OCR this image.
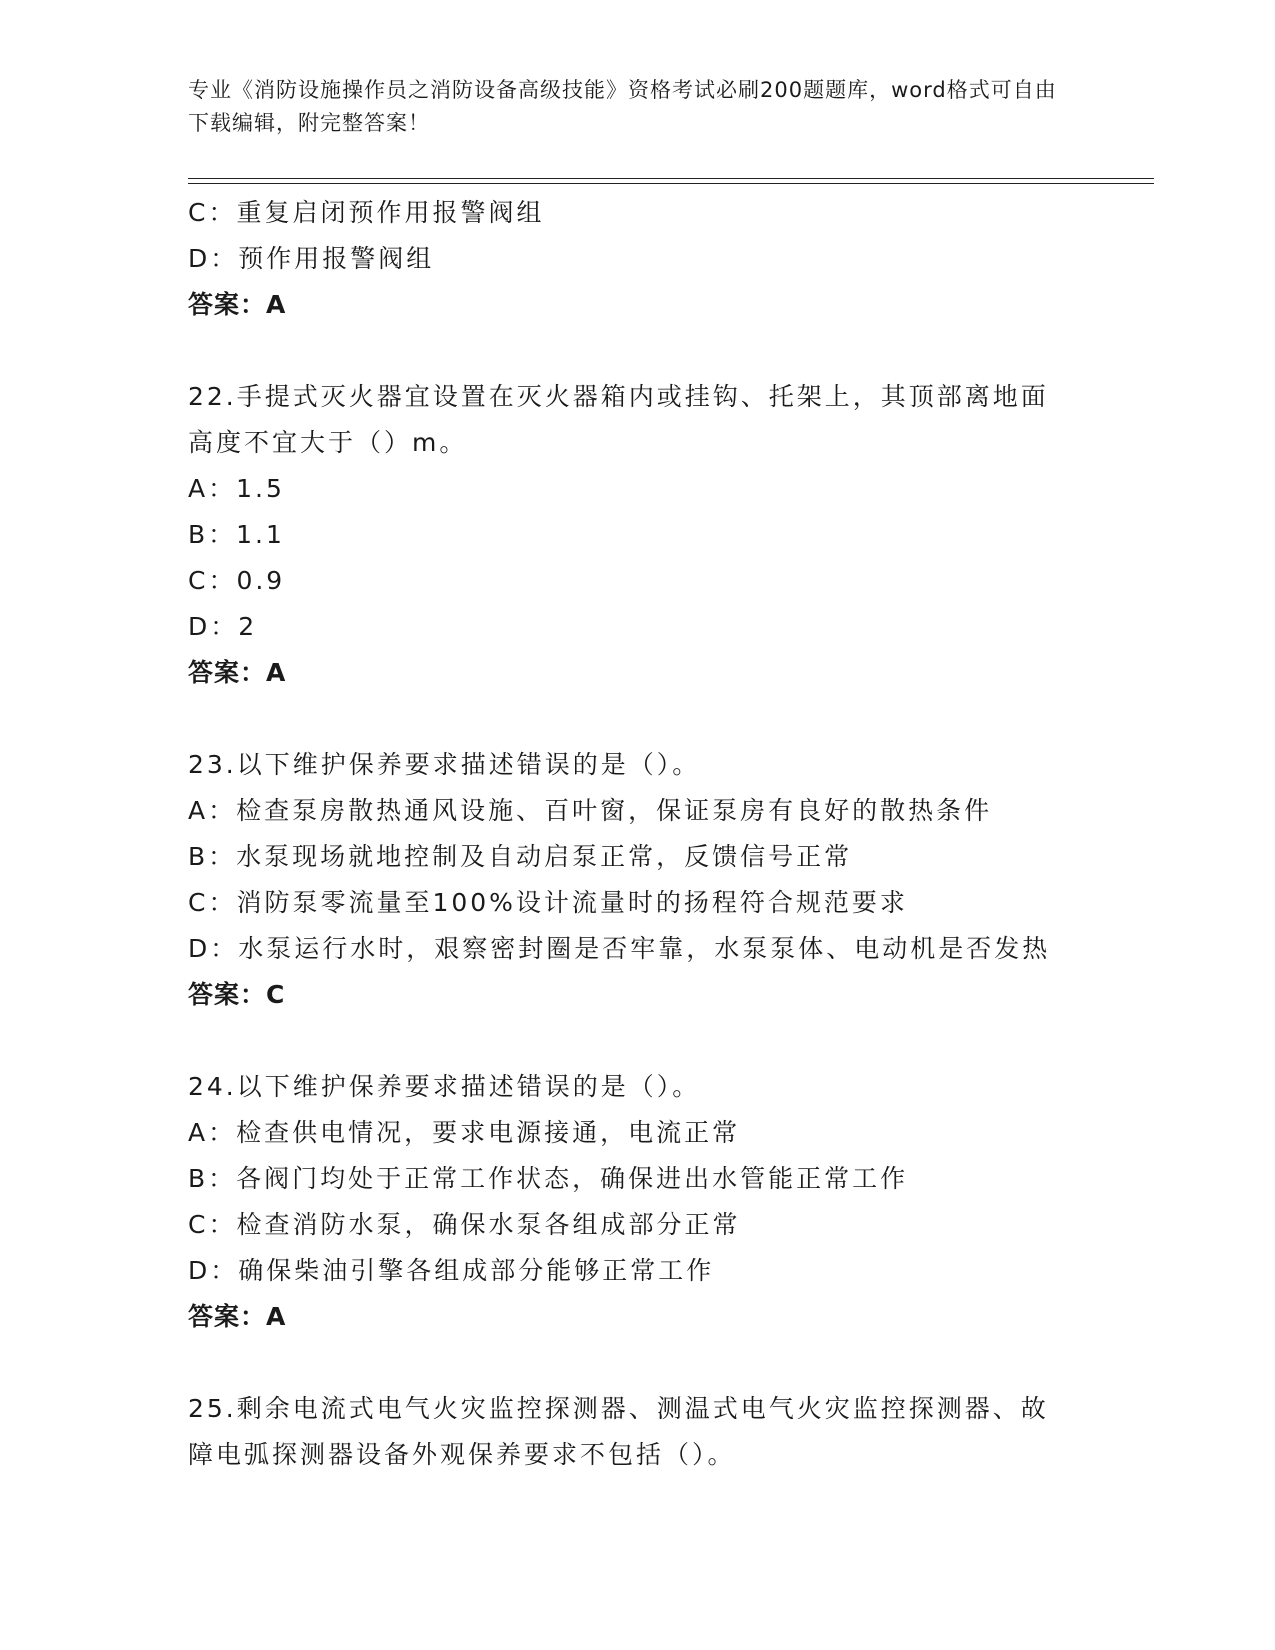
专业《消防设施操作员之消防设备高级技能》资格考试必刷200题题库，word格式可自由下载编辑，附完整答案！
C：重复启闭预作用报警阀组
D：预作用报警阀组
答案：A
22.手提式灭火器宜设置在灭火器箱内或挂钩、托架上，其顶部离地面高度不宜大于（）m。
A：1.5
B：1.1
C：0.9
D：2
答案：A
23.以下维护保养要求描述错误的是（）。
A：检查泵房散热通风设施、百叶窗，保证泵房有良好的散热条件
B：水泵现场就地控制及自动启泵正常，反馈信号正常
C：消防泵零流量至100%设计流量时的扬程符合规范要求
D：水泵运行水时，艰察密封圈是否牢靠，水泵泵体、电动机是否发热
答案：C
24.以下维护保养要求描述错误的是（）。
A：检查供电情况，要求电源接通，电流正常
B：各阀门均处于正常工作状态，确保进出水管能正常工作
C：检查消防水泵，确保水泵各组成部分正常
D：确保柴油引擎各组成部分能够正常工作
答案：A
25.剩余电流式电气火灾监控探测器、测温式电气火灾监控探测器、故障电弧探测器设备外观保养要求不包括（）。
